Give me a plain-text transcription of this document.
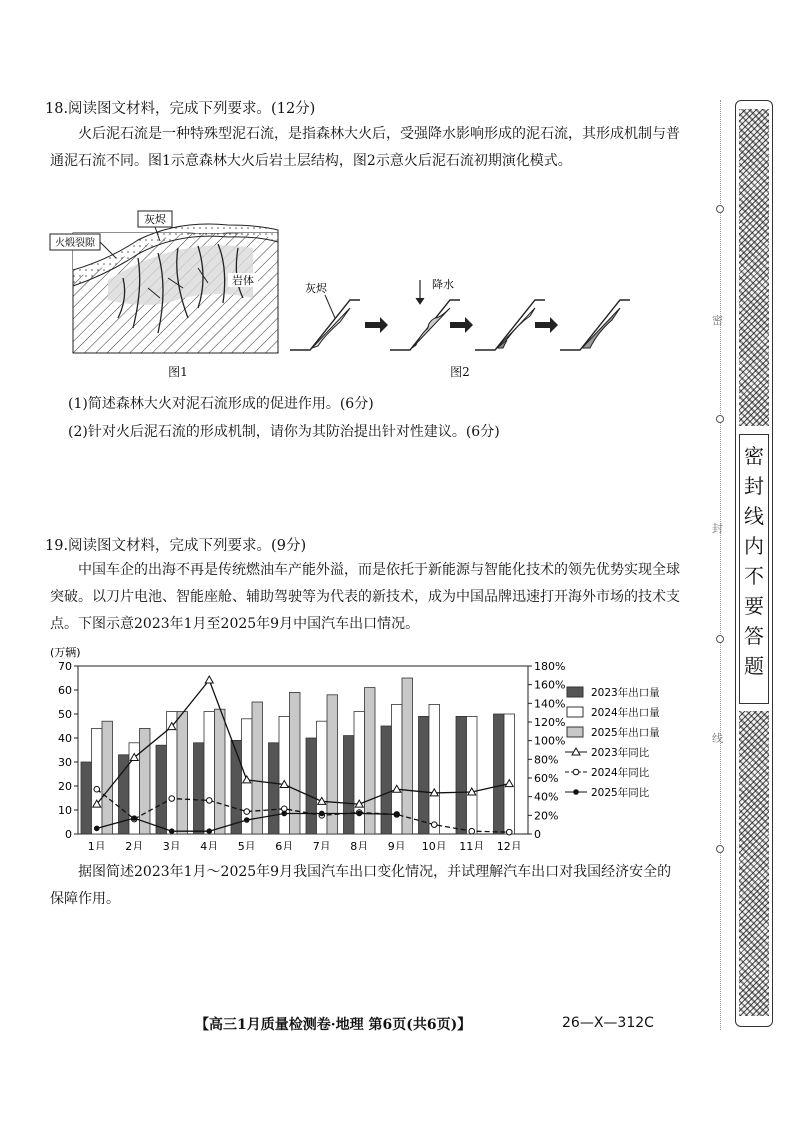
18.阅读图文材料，完成下列要求。(12分)
火后泥石流是一种特殊型泥石流，是指森林大火后，受强降水影响形成的泥石流，其形成机制与普通泥石流不同。图1示意森林大火后岩土层结构，图2示意火后泥石流初期演化模式。
灰烬
火煅裂隙
岩体
图1
灰烬	降水
图2
(1)简述森林大火对泥石流形成的促进作用。(6分)
(2)针对火后泥石流的形成机制，请你为其防治提出针对性建议。(6分)
19.阅读图文材料，完成下列要求。(9分)
中国车企的出海不再是传统燃油车产能外溢，而是依托于新能源与智能化技术的领先优势实现全球突破。以刀片电池、智能座舱、辅助驾驶等为代表的新技术，成为中国品牌迅速打开海外市场的技术支点。下图示意2023年1月至2025年9月中国汽车出口情况。
(万辆)
0
10
20
30
40
50
60
70
0
20%
40%
60%
80%
100%
120%
140%
160%
180%
1月 2月 3月 4月 5月 6月 7月 8月 9月 10月 11月 12月
2023年出口量
2024年出口量
2025年出口量
2023年同比
2024年同比
2025年同比
据图简述2023年1月～2025年9月我国汽车出口变化情况，并试理解汽车出口对我国经济安全的保障作用。
【高三1月质量检测卷·地理 第6页(共6页)】	26—X—312C
密
封
线
内
不
要
答
题
密
封
线
